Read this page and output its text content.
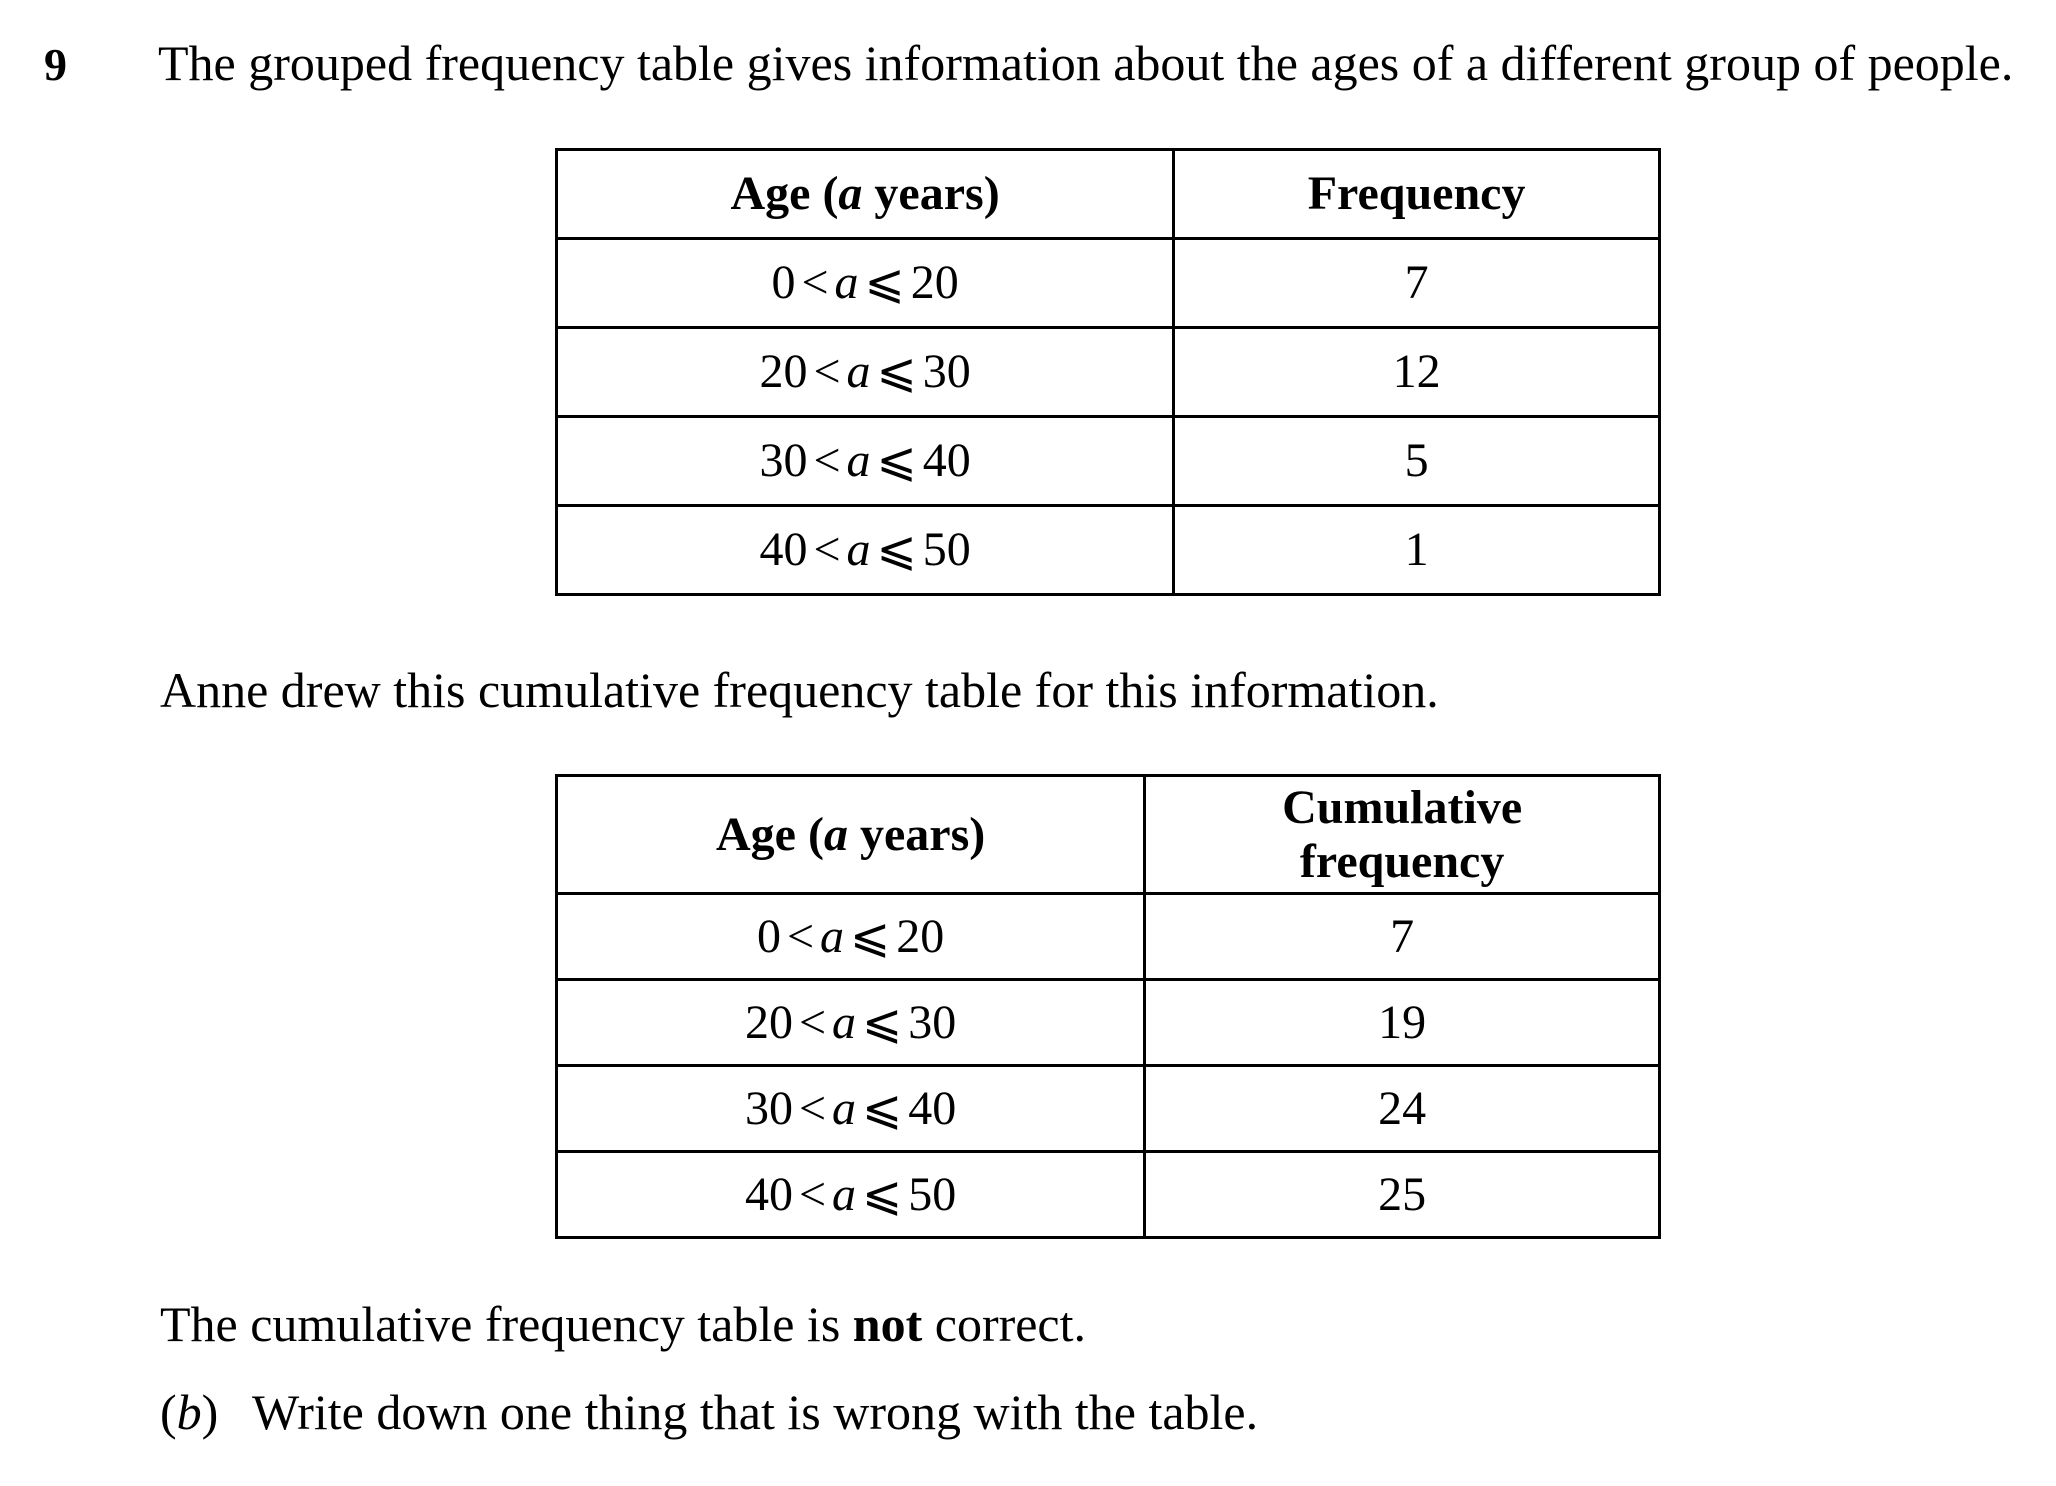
9 The grouped frequency table gives information about the ages of a different group of people.
Age (a years)	Frequency
0 < a ⩽ 20	7
20 < a ⩽ 30	12
30 < a ⩽ 40	5
40 < a ⩽ 50	1
Anne drew this cumulative frequency table for this information.
Age (a years)	Cumulative
frequency
0 < a ⩽ 20	7
20 < a ⩽ 30	19
30 < a ⩽ 40	24
40 < a ⩽ 50	25
The cumulative frequency table is not correct.
(b) Write down one thing that is wrong with the table.
